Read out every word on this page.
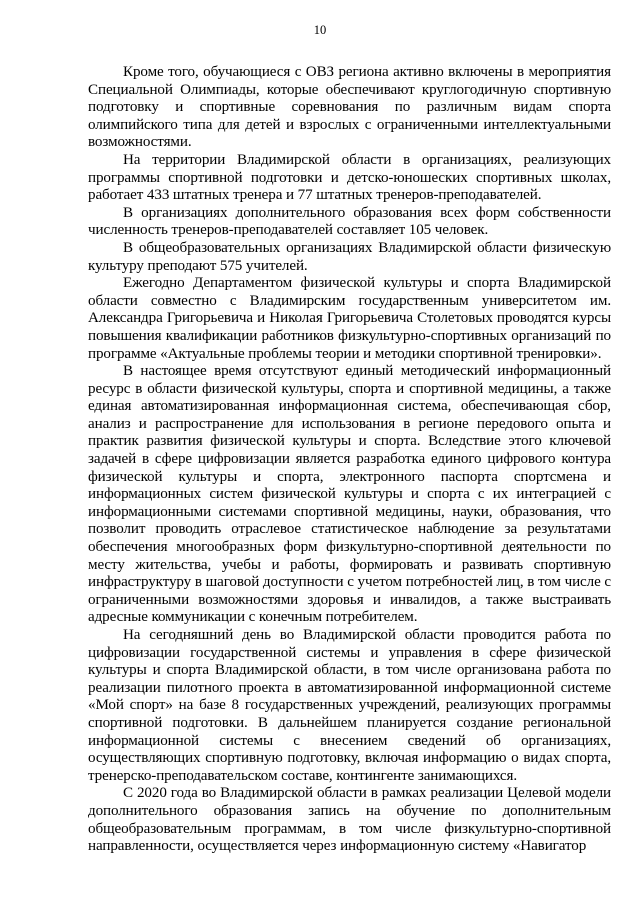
10

Кроме того, обучающиеся с ОВЗ региона активно включены в мероприятия Специальной Олимпиады, которые обеспечивают круглогодичную спортивную подготовку и спортивные соревнования по различным видам спорта олимпийского типа для детей и взрослых с ограниченными интеллектуальными возможностями.

На территории Владимирской области в организациях, реализующих программы спортивной подготовки и детско-юношеских спортивных школах, работает 433 штатных тренера и 77 штатных тренеров-преподавателей.

В организациях дополнительного образования всех форм собственности численность тренеров-преподавателей составляет 105 человек.

В общеобразовательных организациях Владимирской области физическую культуру преподают 575 учителей.

Ежегодно Департаментом физической культуры и спорта Владимирской области совместно с Владимирским государственным университетом им. Александра Григорьевича и Николая Григорьевича Столетовых проводятся курсы повышения квалификации работников физкультурно-спортивных организаций по программе «Актуальные проблемы теории и методики спортивной тренировки».

В настоящее время отсутствуют единый методический информационный ресурс в области физической культуры, спорта и спортивной медицины, а также единая автоматизированная информационная система, обеспечивающая сбор, анализ и распространение для использования в регионе передового опыта и практик развития физической культуры и спорта. Вследствие этого ключевой задачей в сфере цифровизации является разработка единого цифрового контура физической культуры и спорта, электронного паспорта спортсмена и информационных систем физической культуры и спорта с их интеграцией с информационными системами спортивной медицины, науки, образования, что позволит проводить отраслевое статистическое наблюдение за результатами обеспечения многообразных форм физкультурно-спортивной деятельности по месту жительства, учебы и работы, формировать и развивать спортивную инфраструктуру в шаговой доступности с учетом потребностей лиц, в том числе с ограниченными возможностями здоровья и инвалидов, а также выстраивать адресные коммуникации с конечным потребителем.

На сегодняшний день во Владимирской области проводится работа по цифровизации государственной системы и управления в сфере физической культуры и спорта Владимирской области, в том числе организована работа по реализации пилотного проекта в автоматизированной информационной системе «Мой спорт» на базе 8 государственных учреждений, реализующих программы спортивной подготовки. В дальнейшем планируется создание региональной информационной системы с внесением сведений об организациях, осуществляющих спортивную подготовку, включая информацию о видах спорта, тренерско-преподавательском составе, контингенте занимающихся.

С 2020 года во Владимирской области в рамках реализации Целевой модели дополнительного образования запись на обучение по дополнительным общеобразовательным программам, в том числе физкультурно-спортивной направленности, осуществляется через информационную систему «Навигатор
